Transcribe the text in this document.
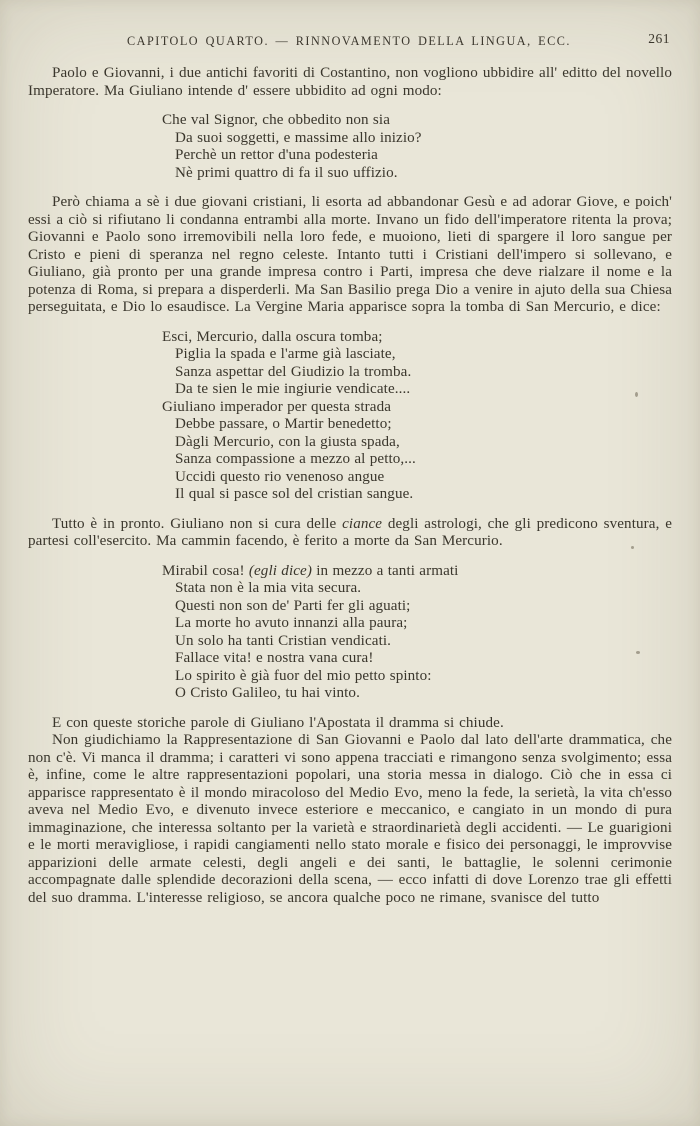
CAPITOLO QUARTO. — RINNOVAMENTO DELLA LINGUA, ECC.	261

Paolo e Giovanni, i due antichi favoriti di Costantino, non vogliono ubbidire all' editto del novello Imperatore. Ma Giuliano intende d' essere ubbidito ad ogni modo:

Che val Signor, che obbedito non sia
Da suoi soggetti, e massime allo inizio?
Perchè un rettor d'una podesteria
Nè primi quattro di fa il suo uffizio.

Però chiama a sè i due giovani cristiani, li esorta ad abbandonar Gesù e ad adorar Giove, e poich' essi a ciò si rifiutano li condanna entrambi alla morte. Invano un fido dell'imperatore ritenta la prova; Giovanni e Paolo sono irremovibili nella loro fede, e muoiono, lieti di spargere il loro sangue per Cristo e pieni di speranza nel regno celeste. Intanto tutti i Cristiani dell'impero si sollevano, e Giuliano, già pronto per una grande impresa contro i Parti, impresa che deve rialzare il nome e la potenza di Roma, si prepara a disperderli. Ma San Basilio prega Dio a venire in ajuto della sua Chiesa perseguitata, e Dio lo esaudisce. La Vergine Maria apparisce sopra la tomba di San Mercurio, e dice:

Esci, Mercurio, dalla oscura tomba;
Piglia la spada e l'arme già lasciate,
Sanza aspettar del Giudizio la tromba.
Da te sien le mie ingiurie vendicate....
Giuliano imperador per questa strada
Debbe passare, o Martir benedetto;
Dàgli Mercurio, con la giusta spada,
Sanza compassione a mezzo al petto,...
Uccidi questo rio venenoso angue
Il qual si pasce sol del cristian sangue.

Tutto è in pronto. Giuliano non si cura delle ciance degli astrologi, che gli predicono sventura, e partesi coll'esercito. Ma cammin facendo, è ferito a morte da San Mercurio.

Mirabil cosa! (egli dice) in mezzo a tanti armati
Stata non è la mia vita secura.
Questi non son de' Parti fer gli aguati;
La morte ho avuto innanzi alla paura;
Un solo ha tanti Cristian vendicati.
Fallace vita! e nostra vana cura!
Lo spirito è già fuor del mio petto spinto:
O Cristo Galileo, tu hai vinto.

E con queste storiche parole di Giuliano l'Apostata il dramma si chiude.

Non giudichiamo la Rappresentazione di San Giovanni e Paolo dal lato dell'arte drammatica, che non c'è. Vi manca il dramma; i caratteri vi sono appena tracciati e rimangono senza svolgimento; essa è, infine, come le altre rappresentazioni popolari, una storia messa in dialogo. Ciò che in essa ci apparisce rappresentato è il mondo miracoloso del Medio Evo, meno la fede, la serietà, la vita ch'esso aveva nel Medio Evo, e divenuto invece esteriore e meccanico, e cangiato in un mondo di pura immaginazione, che interessa soltanto per la varietà e straordinarietà degli accidenti. — Le guarigioni e le morti meravigliose, i rapidi cangiamenti nello stato morale e fisico dei personaggi, le improvvise apparizioni delle armate celesti, degli angeli e dei santi, le battaglie, le solenni cerimonie accompagnate dalle splendide decorazioni della scena, — ecco infatti di dove Lorenzo trae gli effetti del suo dramma. L'interesse religioso, se ancora qualche poco ne rimane, svanisce del tutto
